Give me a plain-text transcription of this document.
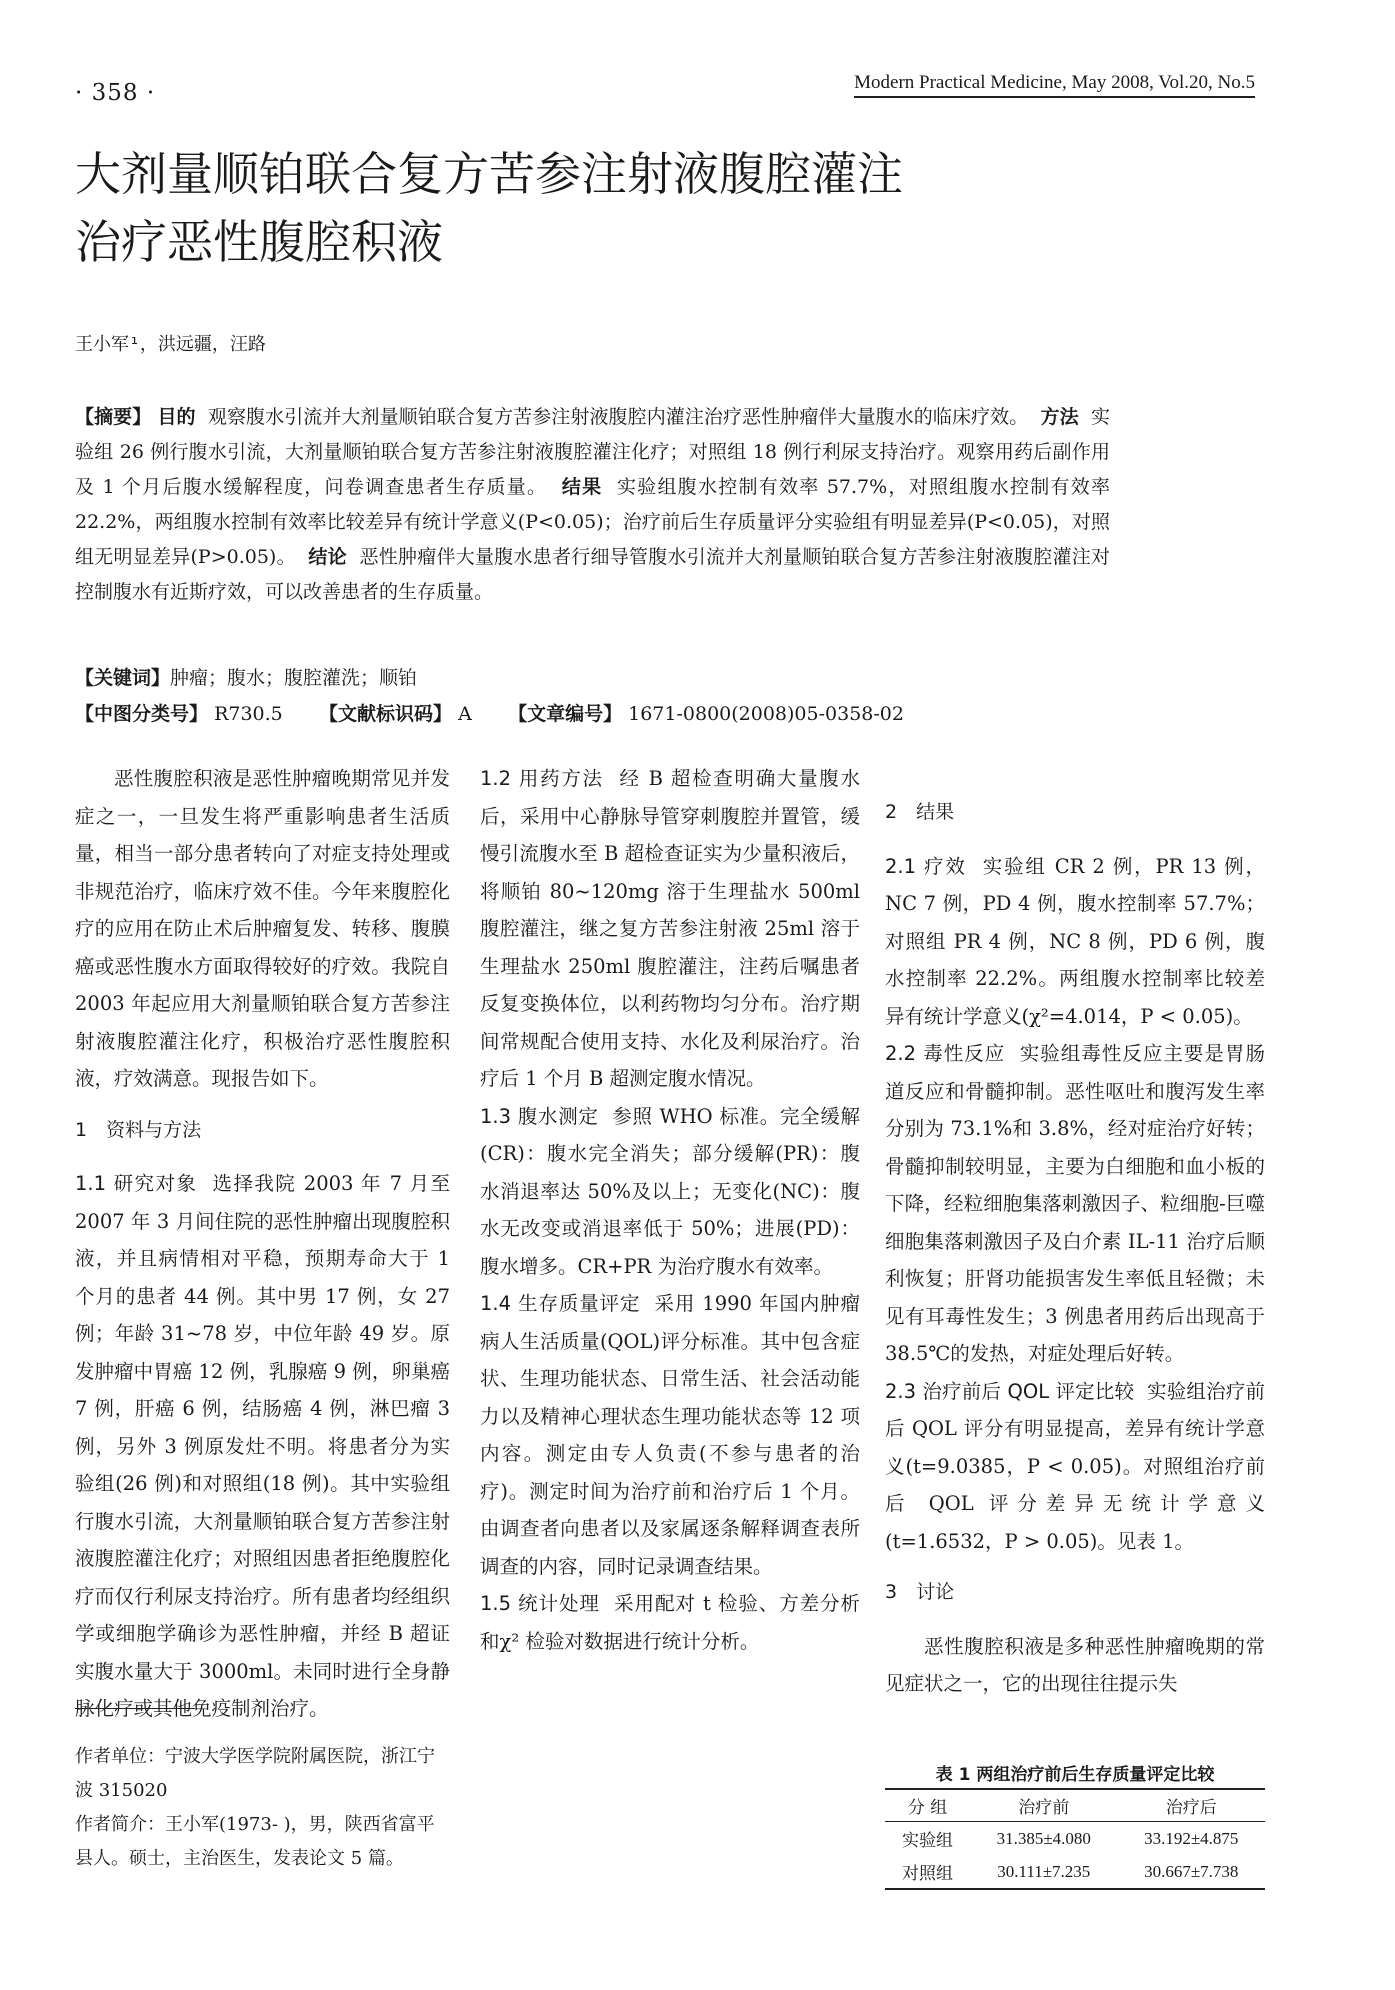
· 358 ·	Modern Practical Medicine, May 2008, Vol.20, No.5
大剂量顺铂联合复方苦参注射液腹腔灌注
治疗恶性腹腔积液
王小军¹，洪远疆，汪路
【摘要】 目的 观察腹水引流并大剂量顺铂联合复方苦参注射液腹腔内灌注治疗恶性肿瘤伴大量腹水的临床疗效。 方法 实验组 26 例行腹水引流，大剂量顺铂联合复方苦参注射液腹腔灌注化疗；对照组 18 例行利尿支持治疗。观察用药后副作用及 1 个月后腹水缓解程度，问卷调查患者生存质量。 结果 实验组腹水控制有效率 57.7%，对照组腹水控制有效率 22.2%，两组腹水控制有效率比较差异有统计学意义(P<0.05)；治疗前后生存质量评分实验组有明显差异(P<0.05)，对照组无明显差异(P>0.05)。 结论 恶性肿瘤伴大量腹水患者行细导管腹水引流并大剂量顺铂联合复方苦参注射液腹腔灌注对控制腹水有近斯疗效，可以改善患者的生存质量。
【关键词】肿瘤；腹水；腹腔灌洗；顺铂
【中图分类号】 R730.5 【文献标识码】 A 【文章编号】 1671-0800(2008)05-0358-02

恶性腹腔积液是恶性肿瘤晚期常见并发症之一，一旦发生将严重影响患者生活质量，相当一部分患者转向了对症支持处理或非规范治疗，临床疗效不佳。今年来腹腔化疗的应用在防止术后肿瘤复发、转移、腹膜癌或恶性腹水方面取得较好的疗效。我院自 2003 年起应用大剂量顺铂联合复方苦参注射液腹腔灌注化疗，积极治疗恶性腹腔积液，疗效满意。现报告如下。

1　资料与方法

1.1 研究对象 选择我院 2003 年 7 月至 2007 年 3 月间住院的恶性肿瘤出现腹腔积液，并且病情相对平稳，预期寿命大于 1 个月的患者 44 例。其中男 17 例，女 27 例；年龄 31~78 岁，中位年龄 49 岁。原发肿瘤中胃癌 12 例，乳腺癌 9 例，卵巢癌 7 例，肝癌 6 例，结肠癌 4 例，淋巴瘤 3 例，另外 3 例原发灶不明。将患者分为实验组(26 例)和对照组(18 例)。其中实验组行腹水引流，大剂量顺铂联合复方苦参注射液腹腔灌注化疗；对照组因患者拒绝腹腔化疗而仅行利尿支持治疗。所有患者均经组织学或细胞学确诊为恶性肿瘤，并经 B 超证实腹水量大于 3000ml。未同时进行全身静脉化疗或其他免疫制剂治疗。

作者单位：宁波大学医学院附属医院，浙江宁波 315020
作者简介：王小军(1973- )，男，陕西省富平县人。硕士，主治医生，发表论文 5 篇。

1.2 用药方法 经 B 超检查明确大量腹水后，采用中心静脉导管穿刺腹腔并置管，缓慢引流腹水至 B 超检查证实为少量积液后，将顺铂 80~120mg 溶于生理盐水 500ml 腹腔灌注，继之复方苦参注射液 25ml 溶于生理盐水 250ml 腹腔灌注，注药后嘱患者反复变换体位，以利药物均匀分布。治疗期间常规配合使用支持、水化及利尿治疗。治疗后 1 个月 B 超测定腹水情况。

1.3 腹水测定 参照 WHO 标准。完全缓解(CR)：腹水完全消失；部分缓解(PR)：腹水消退率达 50%及以上；无变化(NC)：腹水无改变或消退率低于 50%；进展(PD)：腹水增多。CR+PR 为治疗腹水有效率。

1.4 生存质量评定 采用 1990 年国内肿瘤病人生活质量(QOL)评分标准。其中包含症状、生理功能状态、日常生活、社会活动能力以及精神心理状态生理功能状态等 12 项内容。测定由专人负责(不参与患者的治疗)。测定时间为治疗前和治疗后 1 个月。由调查者向患者以及家属逐条解释调查表所调查的内容，同时记录调查结果。

1.5 统计处理 采用配对 t 检验、方差分析和χ² 检验对数据进行统计分析。

2　结果

2.1 疗效 实验组 CR 2 例，PR 13 例，NC 7 例，PD 4 例，腹水控制率 57.7%；对照组 PR 4 例，NC 8 例，PD 6 例，腹水控制率 22.2%。两组腹水控制率比较差异有统计学意义(χ²=4.014，P < 0.05)。

2.2 毒性反应 实验组毒性反应主要是胃肠道反应和骨髓抑制。恶性呕吐和腹泻发生率分别为 73.1%和 3.8%，经对症治疗好转；骨髓抑制较明显，主要为白细胞和血小板的下降，经粒细胞集落刺激因子、粒细胞-巨噬细胞集落刺激因子及白介素 IL-11 治疗后顺利恢复；肝肾功能损害发生率低且轻微；未见有耳毒性发生；3 例患者用药后出现高于 38.5℃的发热，对症处理后好转。

2.3 治疗前后 QOL 评定比较 实验组治疗前后 QOL 评分有明显提高，差异有统计学意义(t=9.0385，P < 0.05)。对照组治疗前后 QOL 评分差异无统计学意义(t=1.6532，P > 0.05)。见表 1。

3　讨论

恶性腹腔积液是多种恶性肿瘤晚期的常见症状之一，它的出现往往提示失

表 1 两组治疗前后生存质量评定比较
分 组	治疗前	治疗后
实验组	31.385±4.080	33.192±4.875
对照组	30.111±7.235	30.667±7.738
